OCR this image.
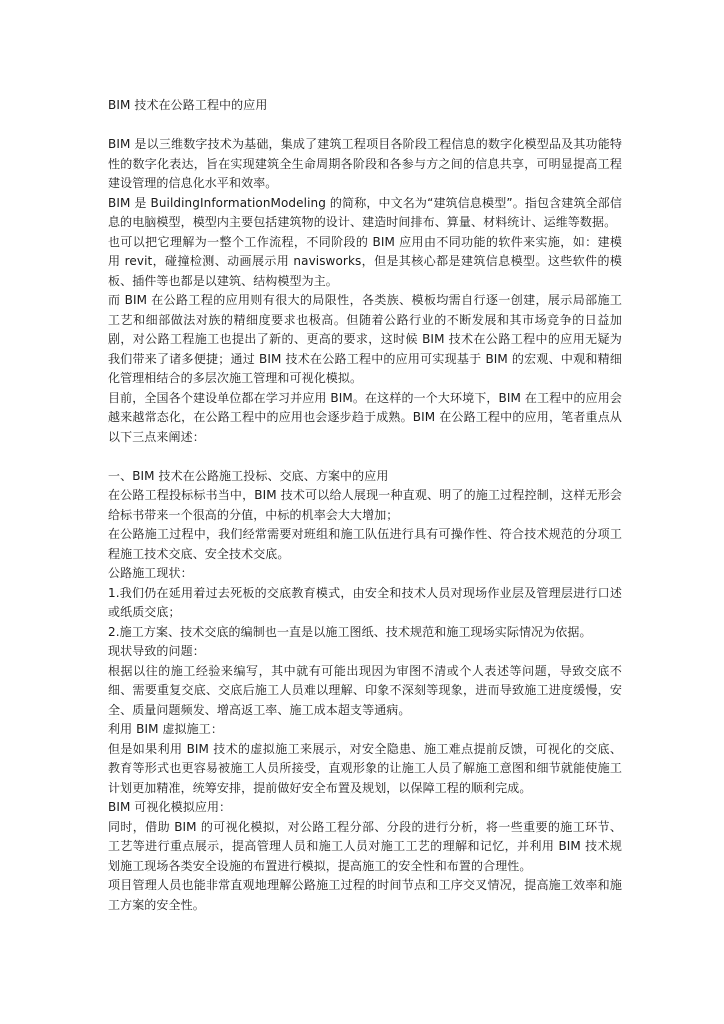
BIM 技术在公路工程中的应用

BIM 是以三维数字技术为基础，集成了建筑工程项目各阶段工程信息的数字化模型品及其功能特性的数字化表达，旨在实现建筑全生命周期各阶段和各参与方之间的信息共享，可明显提高工程建设管理的信息化水平和效率。

BIM 是 BuildingInformationModeling 的简称，中文名为“建筑信息模型”。指包含建筑全部信息的电脑模型，模型内主要包括建筑物的设计、建造时间排布、算量、材料统计、运维等数据。

也可以把它理解为一整个工作流程，不同阶段的 BIM 应用由不同功能的软件来实施，如：建模用 revit，碰撞检测、动画展示用 navisworks，但是其核心都是建筑信息模型。这些软件的模板、插件等也都是以建筑、结构模型为主。

而 BIM 在公路工程的应用则有很大的局限性，各类族、模板均需自行逐一创建，展示局部施工工艺和细部做法对族的精细度要求也极高。但随着公路行业的不断发展和其市场竞争的日益加剧，对公路工程施工也提出了新的、更高的要求，这时候 BIM 技术在公路工程中的应用无疑为我们带来了诸多便捷；通过 BIM 技术在公路工程中的应用可实现基于 BIM 的宏观、中观和精细化管理相结合的多层次施工管理和可视化模拟。

目前，全国各个建设单位都在学习并应用 BIM。在这样的一个大环境下，BIM 在工程中的应用会越来越常态化，在公路工程中的应用也会逐步趋于成熟。BIM 在公路工程中的应用，笔者重点从以下三点来阐述：

一、BIM 技术在公路施工投标、交底、方案中的应用

在公路工程投标标书当中，BIM 技术可以给人展现一种直观、明了的施工过程控制，这样无形会给标书带来一个很高的分值，中标的机率会大大增加；

在公路施工过程中，我们经常需要对班组和施工队伍进行具有可操作性、符合技术规范的分项工程施工技术交底、安全技术交底。

公路施工现状：

1.我们仍在延用着过去死板的交底教育模式，由安全和技术人员对现场作业层及管理层进行口述或纸质交底；

2.施工方案、技术交底的编制也一直是以施工图纸、技术规范和施工现场实际情况为依据。

现状导致的问题：

根据以往的施工经验来编写，其中就有可能出现因为审图不清或个人表述等问题，导致交底不细、需要重复交底、交底后施工人员难以理解、印象不深刻等现象，进而导致施工进度缓慢，安全、质量问题频发、增高返工率、施工成本超支等通病。

利用 BIM 虚拟施工：

但是如果利用 BIM 技术的虚拟施工来展示，对安全隐患、施工难点提前反馈，可视化的交底、教育等形式也更容易被施工人员所接受，直观形象的让施工人员了解施工意图和细节就能使施工计划更加精准，统筹安排，提前做好安全布置及规划，以保障工程的顺利完成。

BIM 可视化模拟应用：

同时，借助 BIM 的可视化模拟，对公路工程分部、分段的进行分析，将一些重要的施工环节、工艺等进行重点展示，提高管理人员和施工人员对施工工艺的理解和记忆，并利用 BIM 技术规划施工现场各类安全设施的布置进行模拟，提高施工的安全性和布置的合理性。

项目管理人员也能非常直观地理解公路施工过程的时间节点和工序交叉情况，提高施工效率和施工方案的安全性。
